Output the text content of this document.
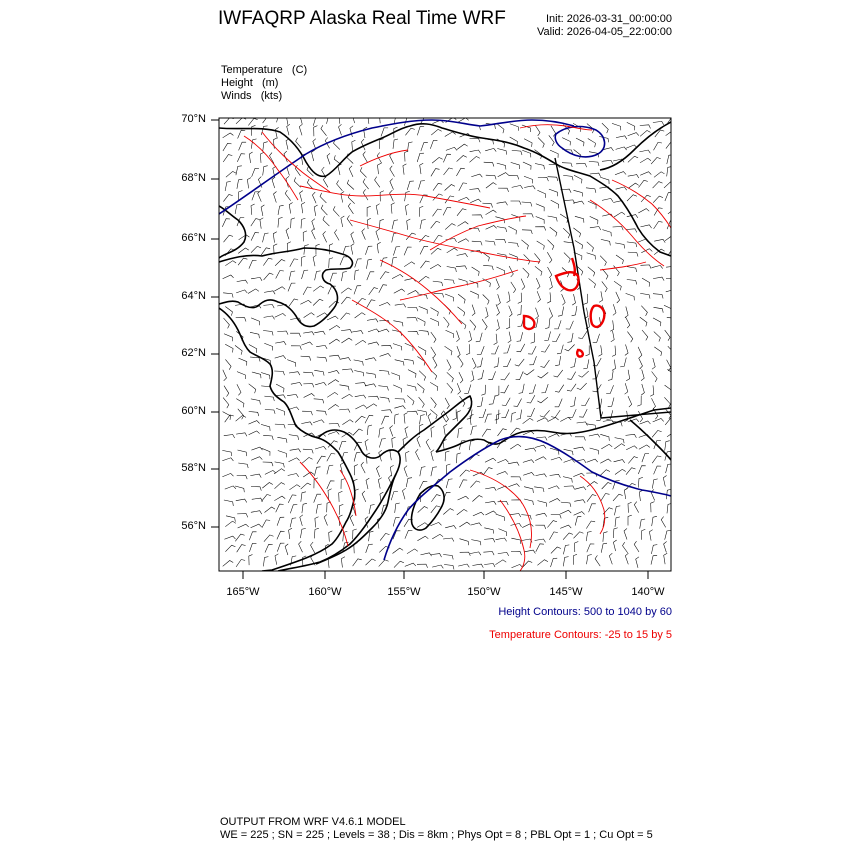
IWFAQRP Alaska Real Time WRF	Init: 2026-03-31_00:00:00
Valid: 2026-04-05_22:00:00
Temperature   (C)
Height   (m)
Winds   (kts)
70°N
68°N
66°N
64°N
62°N
60°N
58°N
56°N
165°W	160°W	155°W	150°W	145°W	140°W
Height Contours: 500 to 1040 by 60
Temperature Contours: -25 to 15 by 5
OUTPUT FROM WRF V4.6.1 MODEL
WE = 225 ; SN = 225 ; Levels = 38 ; Dis = 8km ; Phys Opt = 8 ; PBL Opt = 1 ; Cu Opt = 5
